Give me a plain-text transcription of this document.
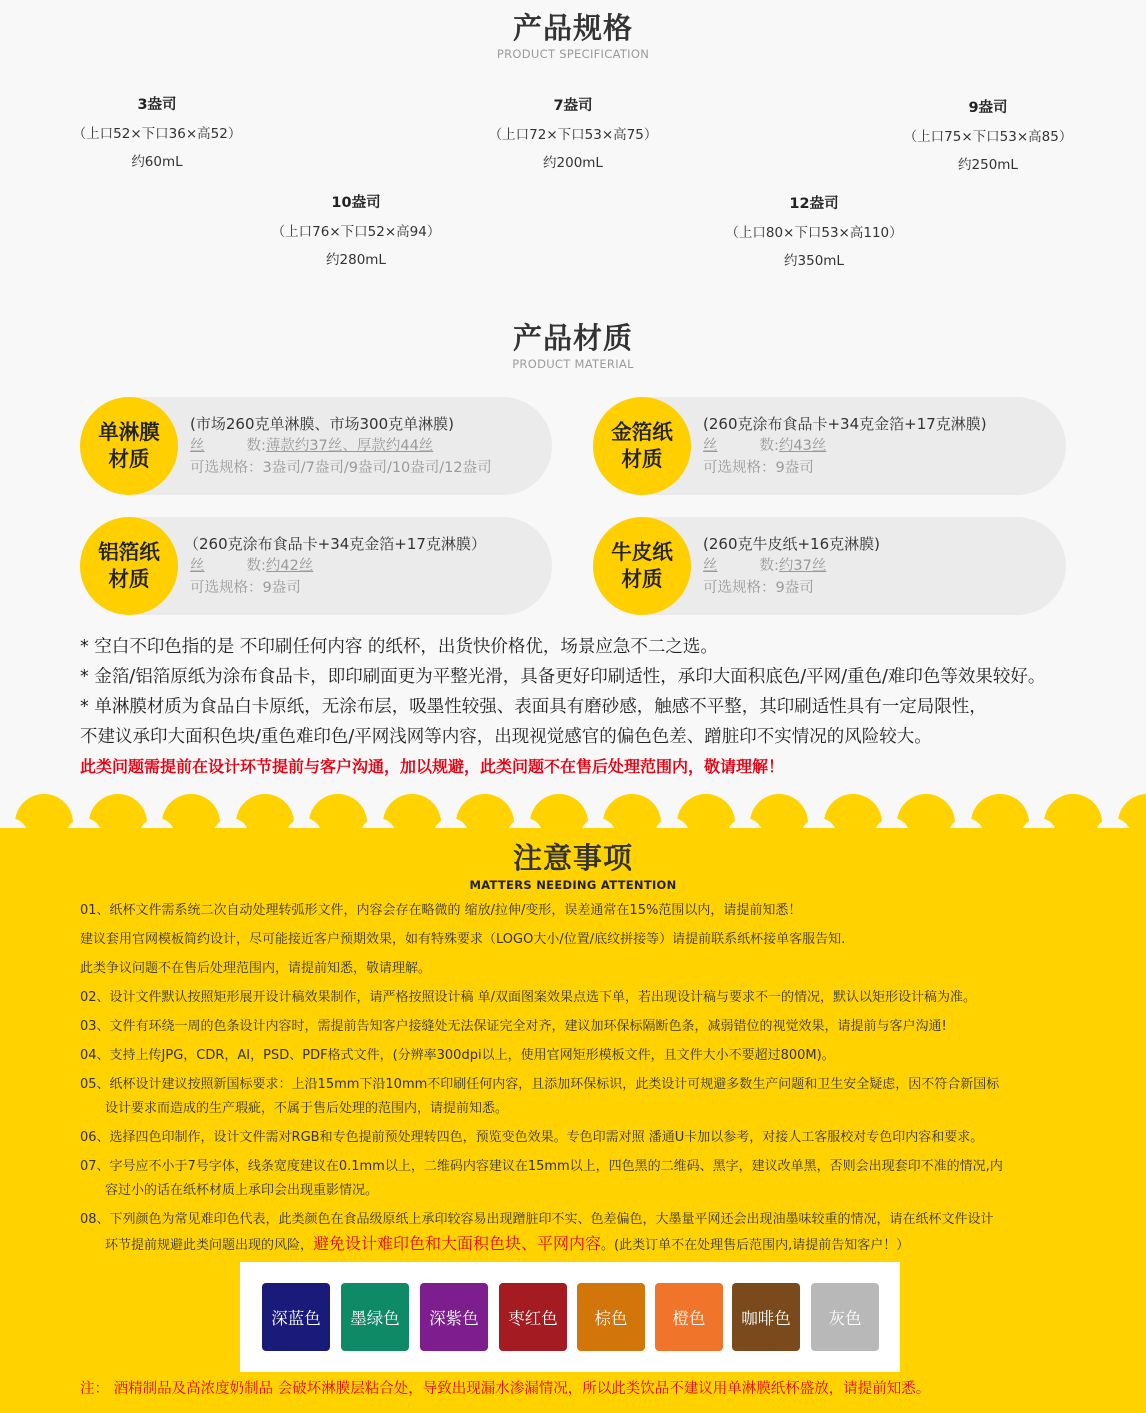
产品规格
PRODUCT SPECIFICATION
3盎司
（上口52×下口36×高52）
约60mL
7盎司
（上口72×下口53×高75）
约200mL
9盎司
（上口75×下口53×高85）
约250mL
10盎司
（上口76×下口52×高94）
约280mL
12盎司
（上口80×下口53×高110）
约350mL
产品材质
PRODUCT MATERIAL
单淋膜
材质
(市场260克单淋膜、市场300克单淋膜)
丝	数:薄款约37丝、厚款约44丝
可选规格：3盎司/7盎司/9盎司/10盎司/12盎司
金箔纸
材质
(260克涂布食品卡+34克金箔+17克淋膜)
丝	数:约43丝
可选规格：9盎司
铝箔纸
材质
（260克涂布食品卡+34克金箔+17克淋膜）
丝	数:约42丝
可选规格：9盎司
牛皮纸
材质
(260克牛皮纸+16克淋膜)
丝	数:约37丝
可选规格：9盎司
* 空白不印色指的是 不印刷任何内容 的纸杯，出货快价格优，场景应急不二之选。
* 金箔/铝箔原纸为涂布食品卡，即印刷面更为平整光滑，具备更好印刷适性，承印大面积底色/平网/重色/难印色等效果较好。
* 单淋膜材质为食品白卡原纸，无涂布层，吸墨性较强、表面具有磨砂感，触感不平整，其印刷适性具有一定局限性，
不建议承印大面积色块/重色难印色/平网浅网等内容，出现视觉感官的偏色色差、蹭脏印不实情况的风险较大。
此类问题需提前在设计环节提前与客户沟通，加以规避，此类问题不在售后处理范围内，敬请理解！
注意事项
MATTERS NEEDING ATTENTION
01、纸杯文件需系统二次自动处理转弧形文件，内容会存在略微的 缩放/拉伸/变形，误差通常在15%范围以内，请提前知悉！
建议套用官网模板简约设计，尽可能接近客户预期效果，如有特殊要求（LOGO大小/位置/底纹拼接等）请提前联系纸杯接单客服告知.
此类争议问题不在售后处理范围内，请提前知悉，敬请理解。
02、设计文件默认按照矩形展开设计稿效果制作，请严格按照设计稿 单/双面图案效果点选下单，若出现设计稿与要求不一的情况，默认以矩形设计稿为准。
03、文件有环绕一周的色条设计内容时，需提前告知客户接缝处无法保证完全对齐，建议加环保标隔断色条，减弱错位的视觉效果，请提前与客户沟通!
04、支持上传JPG，CDR，AI，PSD、PDF格式文件，(分辨率300dpi以上，使用官网矩形模板文件，且文件大小不要超过800M)。
05、纸杯设计建议按照新国标要求：上沿15mm下沿10mm不印刷任何内容，且添加环保标识，此类设计可规避多数生产问题和卫生安全疑虑，因不符合新国标
设计要求而造成的生产瑕疵，不属于售后处理的范围内，请提前知悉。
06、选择四色印制作，设计文件需对RGB和专色提前预处理转四色，预览变色效果。专色印需对照 潘通U卡加以参考，对接人工客服校对专色印内容和要求。
07、字号应不小于7号字体，线条宽度建议在0.1mm以上，二维码内容建议在15mm以上，四色黑的二维码、黑字，建议改单黑，否则会出现套印不准的情况,内
容过小的话在纸杯材质上承印会出现重影情况。
08、下列颜色为常见难印色代表，此类颜色在食品级原纸上承印较容易出现蹭脏印不实、色差偏色，大墨量平网还会出现油墨味较重的情况，请在纸杯文件设计
环节提前规避此类问题出现的风险，避免设计难印色和大面积色块、平网内容。(此类订单不在处理售后范围内,请提前告知客户！）
深蓝色	墨绿色	深紫色	枣红色	棕色	橙色	咖啡色	灰色
注： 酒精制品及高浓度奶制品 会破坏淋膜层粘合处，导致出现漏水渗漏情况，所以此类饮品不建议用单淋膜纸杯盛放，请提前知悉。
